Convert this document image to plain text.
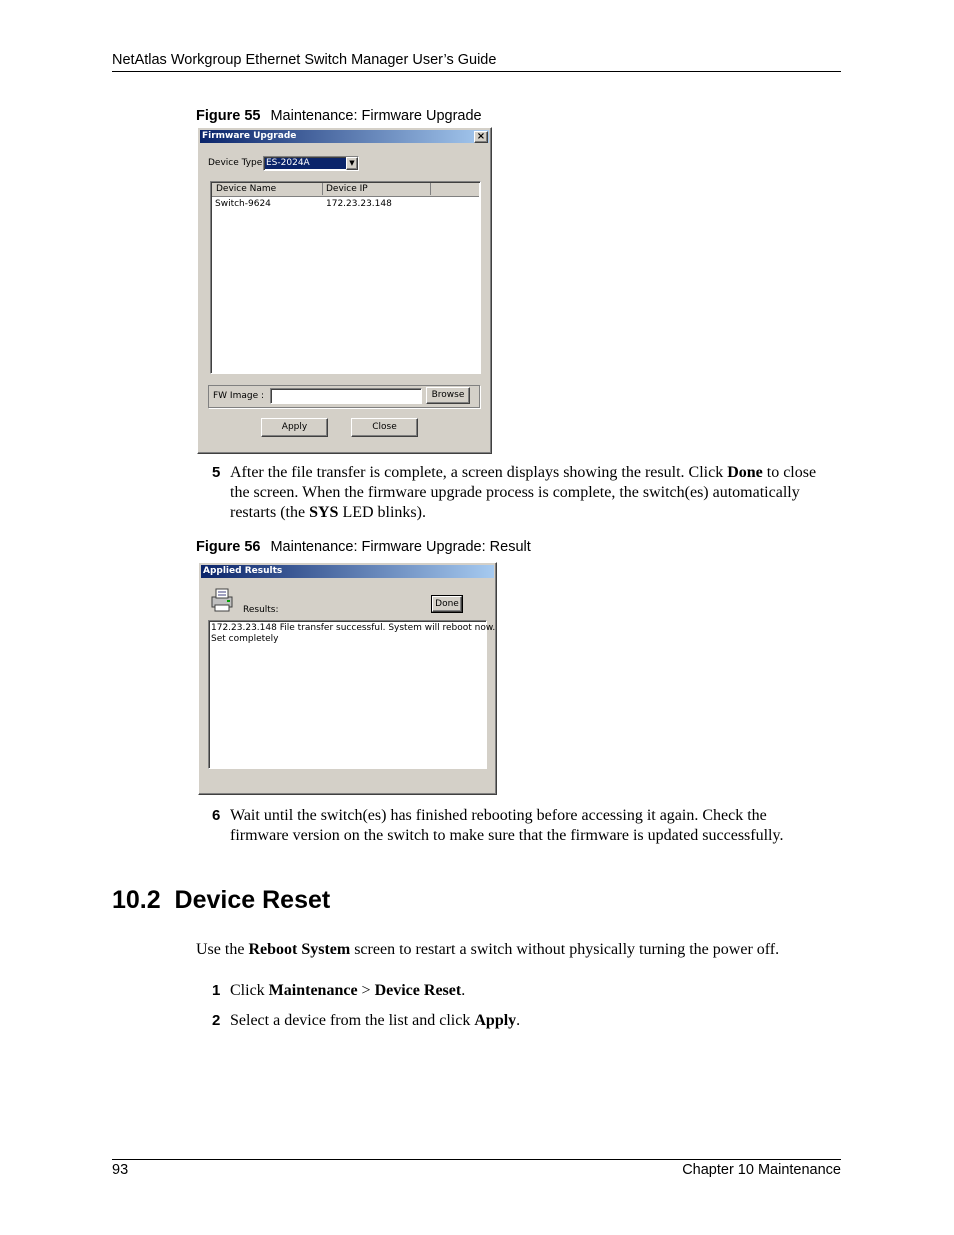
NetAtlas Workgroup Ethernet Switch Manager User’s Guide
Figure 55 Maintenance: Firmware Upgrade
Firmware Upgrade	×
Device Type ES-2024A	▼
Device Name	Device IP
Switch-9624	172.23.23.148
FW Image :	Browse
Apply	Close
5 After the file transfer is complete, a screen displays showing the result. Click Done to close the screen. When the firmware upgrade process is complete, the switch(es) automatically restarts (the SYS LED blinks).
Figure 56 Maintenance: Firmware Upgrade: Result
Applied Results
Results:
Done
172.23.23.148 File transfer successful. System will reboot now.
Set completely
6 Wait until the switch(es) has finished rebooting before accessing it again. Check the firmware version on the switch to make sure that the firmware is updated successfully.
10.2  Device Reset
Use the Reboot System screen to restart a switch without physically turning the power off.
1 Click Maintenance > Device Reset.
2 Select a device from the list and click Apply.
93	Chapter 10 Maintenance
